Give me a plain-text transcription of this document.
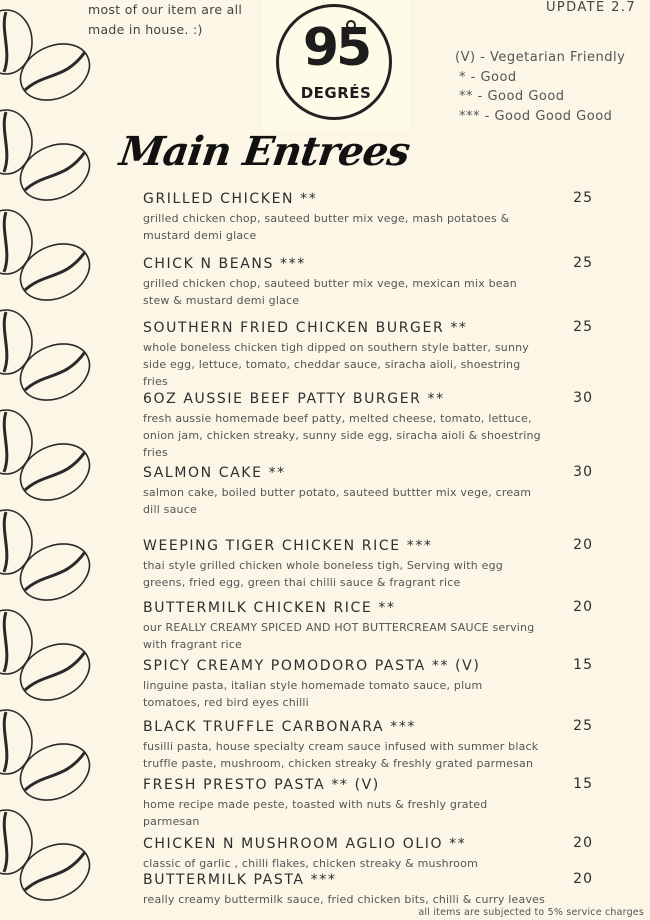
most of our item are all made in house. :)
UPDATE 2.7
95
DEGRÉS
(V) - Vegetarian Friendly
* - Good
** - Good Good
*** - Good Good Good
Main Entrees
GRILLED CHICKEN **	25
grilled chicken chop, sauteed butter mix vege, mash potatoes & mustard demi glace
CHICK N BEANS ***	25
grilled chicken chop, sauteed butter mix vege, mexican mix bean stew & mustard demi glace
SOUTHERN FRIED CHICKEN BURGER **	25
whole boneless chicken tigh dipped on southern style batter, sunny side egg, lettuce, tomato, cheddar sauce, siracha aioli, shoestring fries
6OZ AUSSIE BEEF PATTY BURGER **	30
fresh aussie homemade beef patty, melted cheese, tomato, lettuce, onion jam, chicken streaky, sunny side egg, siracha aioli & shoestring fries
SALMON CAKE **	30
salmon cake, boiled butter potato, sauteed buttter mix vege, cream dill sauce
WEEPING TIGER CHICKEN RICE ***	20
thai style grilled chicken whole boneless tigh, Serving with egg greens, fried egg, green thai chilli sauce & fragrant rice
BUTTERMILK CHICKEN RICE **	20
our REALLY CREAMY SPICED AND HOT BUTTERCREAM SAUCE serving with fragrant rice
SPICY CREAMY POMODORO PASTA ** (V)	15
linguine pasta, italian style homemade tomato sauce, plum tomatoes, red bird eyes chilli
BLACK TRUFFLE CARBONARA ***	25
fusilli pasta, house specialty cream sauce infused with summer black truffle paste, mushroom, chicken streaky & freshly grated parmesan
FRESH PRESTO PASTA ** (V)	15
home recipe made peste, toasted with nuts & freshly grated parmesan
CHICKEN N MUSHROOM AGLIO OLIO **	20
classic of garlic , chilli flakes, chicken streaky & mushroom
BUTTERMILK PASTA ***	20
really creamy buttermilk sauce, fried chicken bits, chilli & curry leaves
all items are subjected to 5% service charges
